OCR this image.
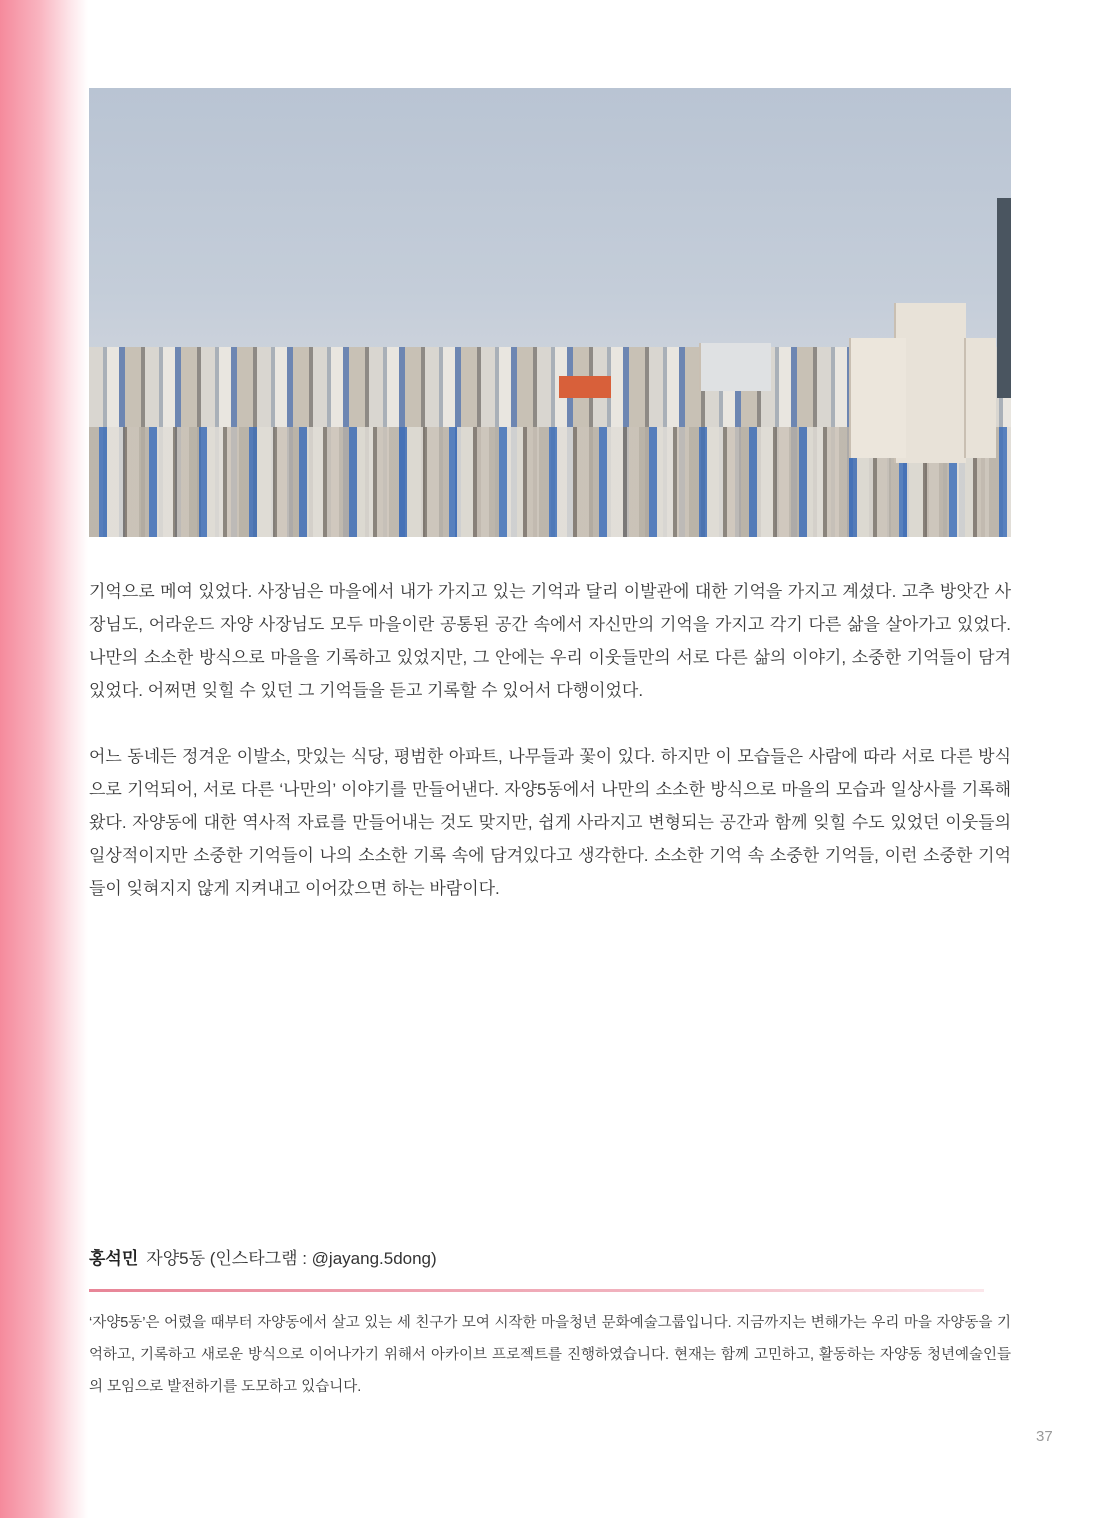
기억으로 메여 있었다. 사장님은 마을에서 내가 가지고 있는 기억과 달리 이발관에 대한 기억을 가지고 계셨다. 고추 방앗간 사장님도, 어라운드 자양 사장님도 모두 마을이란 공통된 공간 속에서 자신만의 기억을 가지고 각기 다른 삶을 살아가고 있었다. 나만의 소소한 방식으로 마을을 기록하고 있었지만, 그 안에는 우리 이웃들만의 서로 다른 삶의 이야기, 소중한 기억들이 담겨있었다. 어쩌면 잊힐 수 있던 그 기억들을 듣고 기록할 수 있어서 다행이었다.

어느 동네든 정겨운 이발소, 맛있는 식당, 평범한 아파트, 나무들과 꽃이 있다. 하지만 이 모습들은 사람에 따라 서로 다른 방식으로 기억되어, 서로 다른 ‘나만의’ 이야기를 만들어낸다. 자양5동에서 나만의 소소한 방식으로 마을의 모습과 일상사를 기록해왔다. 자양동에 대한 역사적 자료를 만들어내는 것도 맞지만, 쉽게 사라지고 변형되는 공간과 함께 잊힐 수도 있었던 이웃들의 일상적이지만 소중한 기억들이 나의 소소한 기록 속에 담겨있다고 생각한다. 소소한 기억 속 소중한 기억들, 이런 소중한 기억들이 잊혀지지 않게 지켜내고 이어갔으면 하는 바람이다.

홍석민 자양5동 (인스타그램 : @jayang.5dong)

‘자양5동’은 어렸을 때부터 자양동에서 살고 있는 세 친구가 모여 시작한 마을청년 문화예술그룹입니다. 지금까지는 변해가는 우리 마을 자양동을 기억하고, 기록하고 새로운 방식으로 이어나가기 위해서 아카이브 프로젝트를 진행하였습니다. 현재는 함께 고민하고, 활동하는 자양동 청년예술인들의 모임으로 발전하기를 도모하고 있습니다.

37
